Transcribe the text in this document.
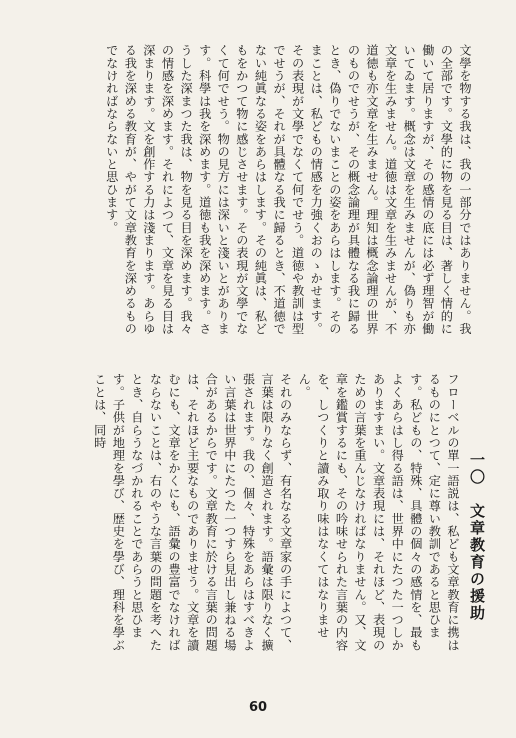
文學を物する我は、我の一部分ではありません。我の全部です。文學的に物を見る目は、著しく情的に働いて居りますが、その感情の底には必ず理智が働いてゐます。概念は文章を生みませんが、偽りも亦文章を生みません。道徳は文章を生みませんが、不道徳も亦文章を生みません。理知は概念論理の世界のものでせうが、その概念論理が具體なる我に歸るとき、偽りでないまことの姿をあらはします。そのまことは、私どもの情感を力強くおのゝかせます。その表現が文學でなくて何でせう。道徳や教訓は型でせうが、それが具體なる我に歸るとき、不道徳でない純眞なる姿をあらはします。その純眞は、私どもをかつて物に感じさせます。その表現が文學でなくて何でせう。物の見方には深いと淺いとがあります。科學は我を深めます。道徳も我を深めます。さうした深まつた我は、物を見る目を深めます。我々の情感を深めます。それによつて、文章を見る目は深まります。文を創作する力は淺まります。あらゆる我を深める教育が、やがて文章教育を深めるものでなければならないと思ひます。

一〇　文章教育の援助

フローベルの單一語説は、私ども文章教育に携はるものにとつて、定に尊い教訓であると思ひます。私どもの、特殊、具體の個々の感情を、最もよくあらはし得る語は、世界中にたつた一つしかありますまい。文章表現には、それほど、表現のための言葉を重んじなければなりません。又、文章を鑑賞するにも、その吟味せられた言葉の内容を、しつくりと讀み取り味はなくてはなりません。

それのみならず、有名なる文章家の手によつて、言葉は限りなく創造されます。語彙は限りなく擴張されます。我の、個々、特殊をあらはすべきよい言葉は世界中にたつた一つすら見出し兼ねる場合があるからです。文章教育に於ける言葉の問題は、それほど主要なものでありませう。文章を讀むにも、文章をかくにも、語彙の豊富でなければならないことは、右のやうな言葉の問題を考へたとき、自らうなづかれることであらうと思ひます。子供が地理を學び、歴史を學び、理科を學ぶことは、同時

60
